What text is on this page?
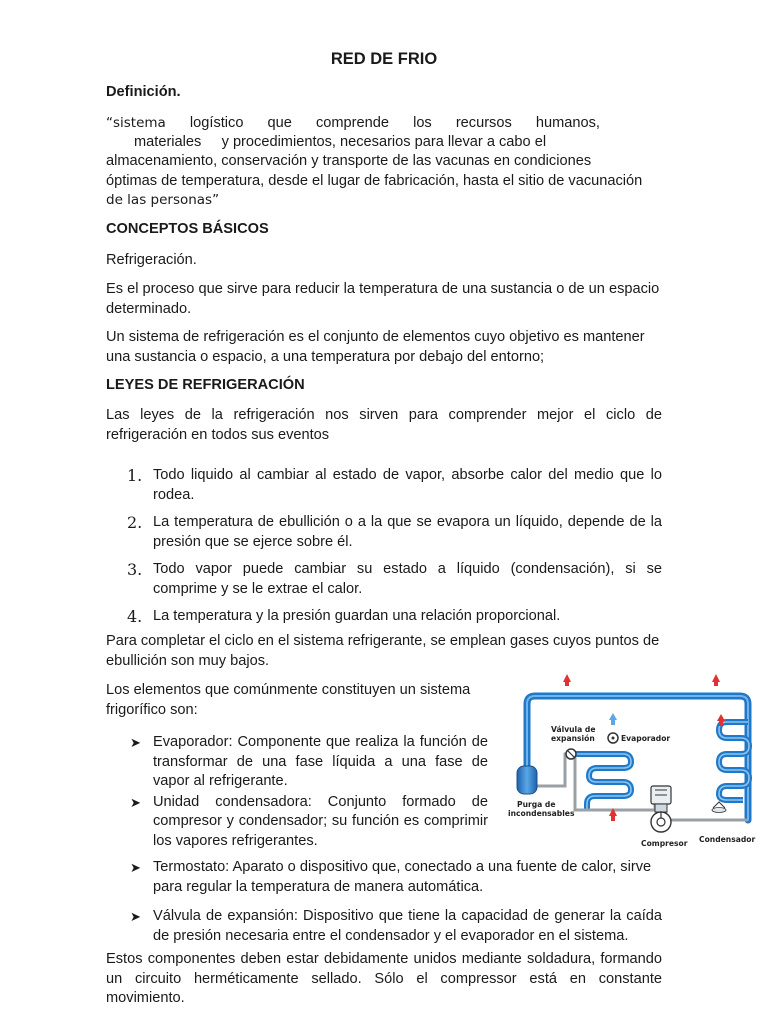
RED DE FRIO
Definición.
“sistema logístico que comprende los recursos humanos,
materiales     y procedimientos, necesarios para llevar a cabo el
almacenamiento, conservación y transporte de las vacunas en condiciones
óptimas de temperatura, desde el lugar de fabricación, hasta el sitio de vacunación
de las personas”
CONCEPTOS BÁSICOS
Refrigeración.
Es el proceso que sirve para reducir la temperatura de una sustancia o de un espacio determinado.
Un sistema de refrigeración es el conjunto de elementos cuyo objetivo es mantener una sustancia o espacio, a una temperatura por debajo del entorno;
LEYES DE REFRIGERACIÓN
Las leyes de la refrigeración nos sirven para comprender mejor el ciclo de refrigeración en todos sus eventos
1. Todo liquido al cambiar al estado de vapor, absorbe calor del medio que lo rodea.
2. La temperatura de ebullición o a la que se evapora un líquido, depende de la presión que se ejerce sobre él.
3. Todo vapor puede cambiar su estado a líquido (condensación), si se comprime y se le extrae el calor.
4. La temperatura y la presión guardan una relación proporcional.
Para completar el ciclo en el sistema refrigerante, se emplean gases cuyos puntos de ebullición son muy bajos.
Los elementos que comúnmente constituyen un sistema frigorífico son:
➤ Evaporador: Componente que realiza la función de transformar de una fase líquida a una fase de vapor al refrigerante.
➤ Unidad condensadora: Conjunto formado de compresor y condensador; su función es comprimir los vapores refrigerantes.
➤ Termostato: Aparato o dispositivo que, conectado a una fuente de calor, sirve para regular la temperatura de manera automática.
➤ Válvula de expansión: Dispositivo que tiene la capacidad de generar la caída de presión necesaria entre el condensador y el evaporador en el sistema.
Estos componentes deben estar debidamente unidos mediante soldadura, formando un circuito herméticamente sellado. Sólo el compressor está en constante movimiento.
Válvula de
expansión	Evaporador
Purga de
incondensables
Compresor Condensador
